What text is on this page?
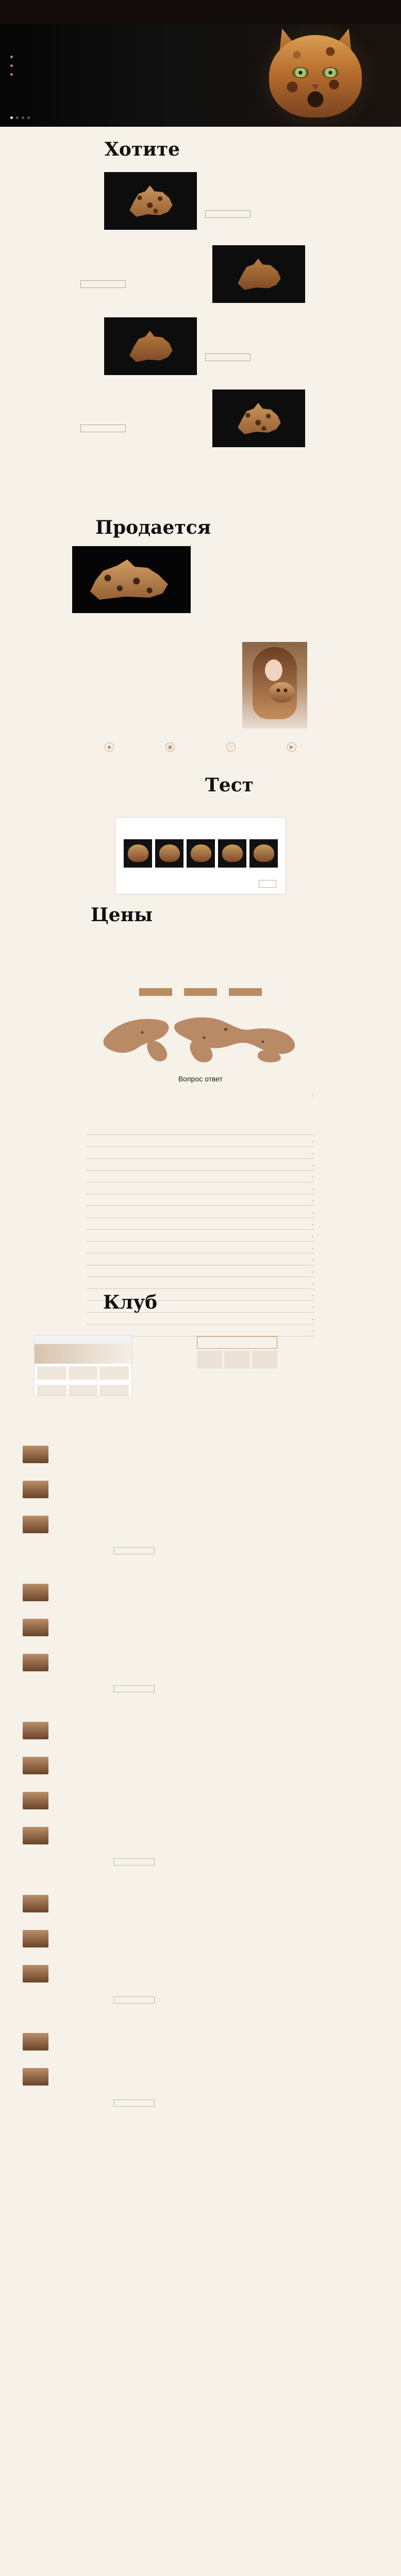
Хотите
Продается

◆	▣	♡	▶
Тест
Цены
Вопрос ответ
⌄

⌄
⌄
⌄
⌄
⌄
⌄
⌄
⌄
⌄
⌄
⌄
⌄
⌄
⌄
⌄
⌄
⌄
Клуб
